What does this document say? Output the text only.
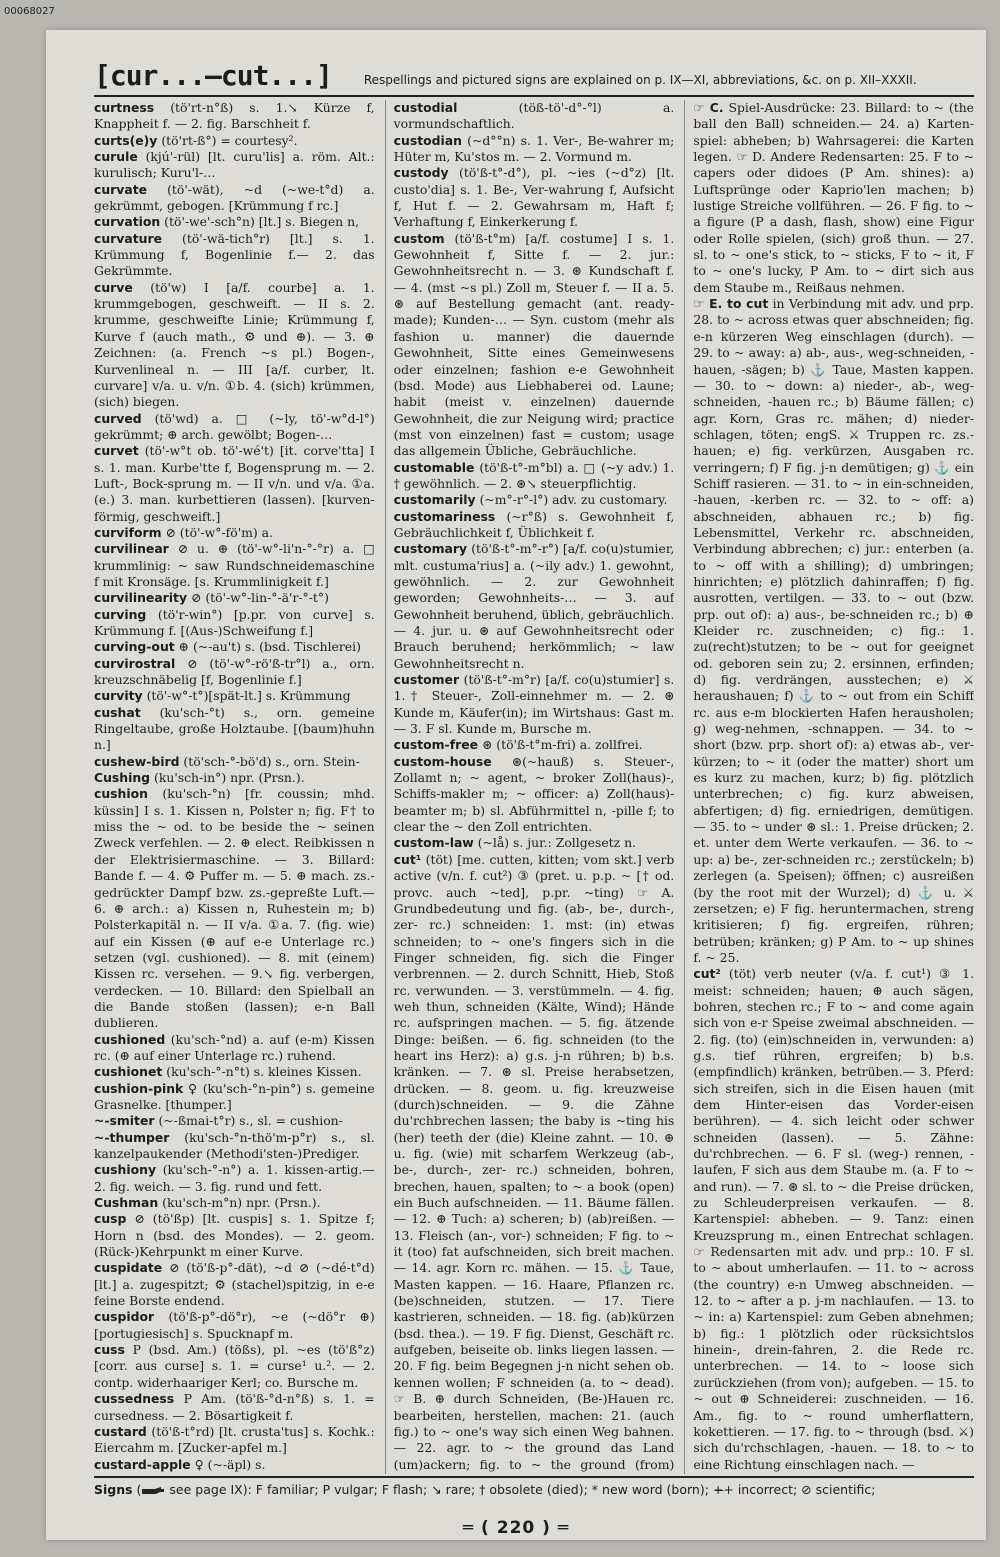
00068027
[cur...—cut...]	Respellings and pictured signs are explained on p. IX—XI, abbreviations, &c. on p. XII–XXXII.

curtness (tö'rt-n°ß) s. 1.↘ Kürze f, Knappheit f. — 2. fig. Barschheit f.

curts(e)y (tö'rt-ß°) = courtesy².

curule (kjú'-rül) [lt. curu'lis] a. röm. Alt.: kurulisch; Kuru'l-…

curvate (tö'-wät), ~d (~we-t°d) a. gekrümmt, gebogen. [Krümmung f rc.]

curvation (tö'-we'-sch°n) [lt.] s. Biegen n,

curvature (tö'-wä-tich°r) [lt.] s. 1. Krümmung f, Bogenlinie f.— 2. das Gekrümmte.

curve (tö'w) I [a/f. courbe] a. 1. krummgebogen, geschweift. — II s. 2. krumme, geschweifte Linie; Krümmung f, Kurve f (auch math., ⚙ und ⊕). — 3. ⊕ Zeichnen: (a. French ~s pl.) Bogen-, Kurvenlineal n. — III [a/f. curber, lt. curvare] v/a. u. v/n. ①b. 4. (sich) krümmen, (sich) biegen.

curved (tö'wd) a. □ (~ly, tö'-w°d-l°) gekrümmt; ⊕ arch. gewölbt; Bogen-…

curvet (tö'-w°t ob. tö'-wé't) [it. corve'tta] I s. 1. man. Kurbe'tte f, Bogensprung m. — 2. Luft-, Bock-sprung m. — II v/n. und v/a. ①a.(e.) 3. man. kurbettieren (lassen). [kurven-förmig, geschweift.]

curviform ⊘ (tö'-w°-fö'm) a.

curvilinear ⊘ u. ⊕ (tö'-w°-li'n-°-°r) a. □ krummlinig: ~ saw Rundschneidemaschine f mit Kronsäge. [s. Krummlinigkeit f.]

curvilinearity ⊘ (tö'-w°-lin-°-ä'r-°-t°)

curving (tö'r-win°) [p.pr. von curve] s. Krümmung f. [(Aus-)Schweifung f.]

curving-out ⊕ (~-au't) s. (bsd. Tischlerei)

curvirostral ⊘ (tö'-w°-rö'ß-tr°l) a., orn. kreuzschnäbelig [f, Bogenlinie f.]

curvity (tö'-w°-t°)[spät-lt.] s. Krümmung

cushat (ku'sch-°t) s., orn. gemeine Ringeltaube, große Holztaube. [(baum)huhn n.]

cushew-bird (tö'sch-°-bö'd) s., orn. Stein-

Cushing (ku'sch-in°) npr. (Prsn.).

cushion (ku'sch-°n) [fr. coussin; mhd. küssin] I s. 1. Kissen n, Polster n; fig. F† to miss the ~ od. to be beside the ~ seinen Zweck verfehlen. — 2. ⊕ elect. Reibkissen n der Elektrisiermaschine. — 3. Billard: Bande f. — 4. ⚙ Puffer m. — 5. ⊕ mach. zs.-gedrückter Dampf bzw. zs.-gepreßte Luft.— 6. ⊕ arch.: a) Kissen n, Ruhestein m; b) Polsterkapitäl n. — II v/a. ①a. 7. (fig. wie) auf ein Kissen (⊕ auf e-e Unterlage rc.) setzen (vgl. cushioned). — 8. mit (einem) Kissen rc. versehen. — 9.↘ fig. verbergen, verdecken. — 10. Billard: den Spielball an die Bande stoßen (lassen); e-n Ball dublieren.

cushioned (ku'sch-°nd) a. auf (e-m) Kissen rc. (⊕ auf einer Unterlage rc.) ruhend.

cushionet (ku'sch-°-n°t) s. kleines Kissen.

cushion-pink ♀ (ku'sch-°n-pin°) s. gemeine Grasnelke. [thumper.]

~-smiter (~-ßmai-t°r) s., sl. = cushion-

~-thumper (ku'sch-°n-thö'm-p°r) s., sl. kanzelpaukender (Methodi'sten-)Prediger.

cushiony (ku'sch-°-n°) a. 1. kissen-artig.— 2. fig. weich. — 3. fig. rund und fett.

Cushman (ku'sch-m°n) npr. (Prsn.).

cusp ⊘ (tö'ßp) [lt. cuspis] s. 1. Spitze f; Horn n (bsd. des Mondes). — 2. geom. (Rück-)Kehrpunkt m einer Kurve.

cuspidate ⊘ (tö'ß-p°-dät), ~d ⊘ (~dé-t°d) [lt.] a. zugespitzt; ⚙ (stachel)spitzig, in e-e feine Borste endend.

cuspidor (tö'ß-p°-dö°r), ~e (~dö°r ⊕) [portugiesisch] s. Spucknapf m.

cuss P (bsd. Am.) (tößs), pl. ~es (tö'ß°z) [corr. aus curse] s. 1. = curse¹ u.². — 2. contp. widerhaariger Kerl; co. Bursche m.

cussedness P Am. (tö'ß-°d-n°ß) s. 1. = cursedness. — 2. Bösartigkeit f.

custard (tö'ß-t°rd) [lt. crusta'tus] s. Kochk.: Eiercahm m. [Zucker-apfel m.]

custard-apple ♀ (~-äpl) s.

custodial	(töß-tö'-d°-°l) a. vormundschaftlich.

custodian (~d°°n) s. 1. Ver-, Be-wahrer m; Hüter m, Ku'stos m. — 2. Vormund m.

custody (tö'ß-t°-d°), pl. ~ies (~d°z) [lt. custo'dia] s. 1. Be-, Ver-wahrung f, Aufsicht f, Hut f. — 2. Gewahrsam m, Haft f; Verhaftung f, Einkerkerung f.

custom (tö'ß-t°m) [a/f. costume] I s. 1. Gewohnheit f, Sitte f. — 2. jur.: Gewohnheitsrecht n. — 3. ⊛ Kundschaft f. — 4. (mst ~s pl.) Zoll m, Steuer f. — II a. 5. ⊛ auf Bestellung gemacht (ant. ready-made); Kunden-… — Syn. custom (mehr als fashion u. manner) die dauernde Gewohnheit, Sitte eines Gemeinwesens oder einzelnen; fashion e-e Gewohnheit (bsd. Mode) aus Liebhaberei od. Laune; habit (meist v. einzelnen) dauernde Gewohnheit, die zur Neigung wird; practice (mst von einzelnen) fast = custom; usage das allgemein Übliche, Gebräuchliche.

customable (tö'ß-t°-m°bl) a. □ (~y adv.) 1. † gewöhnlich. — 2. ⊛↘ steuerpflichtig.

customarily (~m°-r°-l°) adv. zu customary.

customariness (~r°ß) s. Gewohnheit f, Gebräuchlichkeit f, Üblichkeit f.

customary (tö'ß-t°-m°-r°) [a/f. co(u)stumier, mlt. custuma'rius] a. (~ily adv.) 1. gewohnt, gewöhnlich. — 2. zur Gewohnheit geworden; Gewohnheits-… — 3. auf Gewohnheit beruhend, üblich, gebräuchlich. — 4. jur. u. ⊛ auf Gewohnheitsrecht oder Brauch beruhend; herkömmlich; ~ law Gewohnheitsrecht n.

customer (tö'ß-t°-m°r) [a/f. co(u)stumier] s. 1.† Steuer-, Zoll-einnehmer m. — 2. ⊛ Kunde m, Käufer(in); im Wirtshaus: Gast m. — 3. F sl. Kunde m, Bursche m.

custom-free ⊛ (tö'ß-t°m-fri) a. zollfrei.

custom-house ⊛(~hauß) s. Steuer-, Zollamt n; ~ agent, ~ broker Zoll(haus)-, Schiffs-makler m; ~ officer: a) Zoll(haus)-beamter m; b) sl. Abführmittel n, -pille f; to clear the ~ den Zoll entrichten.

custom-law (~lå) s. jur.: Zollgesetz n.

cut¹ (töt) [me. cutten, kitten; vom skt.] verb active (v/n. f. cut²) ③ (pret. u. p.p. ~ [† od. provc. auch ~ted], p.pr. ~ting) ☞ A. Grundbedeutung und fig. (ab-, be-, durch-, zer- rc.) schneiden: 1. mst: (in) etwas schneiden; to ~ one's fingers sich in die Finger schneiden, fig. sich die Finger verbrennen. — 2. durch Schnitt, Hieb, Stoß rc. verwunden. — 3. verstümmeln. — 4. fig. weh thun, schneiden (Kälte, Wind); Hände rc. aufspringen machen. — 5. fig. ätzende Dinge: beißen. — 6. fig. schneiden (to the heart ins Herz): a) g.s. j-n rühren; b) b.s. kränken. — 7. ⊛ sl. Preise herabsetzen, drücken. — 8. geom. u. fig. kreuzweise (durch)schneiden. — 9. die Zähne du'rchbrechen lassen; the baby is ~ting his (her) teeth der (die) Kleine zahnt. — 10. ⊕ u. fig. (wie) mit scharfem Werkzeug (ab-, be-, durch-, zer- rc.) schneiden, bohren, brechen, hauen, spalten; to ~ a book (open) ein Buch aufschneiden. — 11. Bäume fällen. — 12. ⊕ Tuch: a) scheren; b) (ab)reißen. — 13. Fleisch (an-, vor-) schneiden; F fig. to ~ it (too) fat aufschneiden, sich breit machen. — 14. agr. Korn rc. mähen. — 15. ⚓ Taue, Masten kappen. — 16. Haare, Pflanzen rc. (be)schneiden, stutzen. — 17. Tiere kastrieren, schneiden. — 18. fig. (ab)kürzen (bsd. thea.). — 19. F fig. Dienst, Geschäft rc. aufgeben, beiseite ob. links liegen lassen. — 20. F fig. beim Begegnen j-n nicht sehen ob. kennen wollen; F schneiden (a. to ~ dead). ☞ B. ⊕ durch Schneiden, (Be-)Hauen rc. bearbeiten, herstellen, machen: 21. (auch fig.) to ~ one's way sich einen Weg bahnen. — 22. agr. to ~ the ground das Land (um)ackern; fig. to ~ the ground (from)

☞ C. Spiel-Ausdrücke: 23. Billard: to ~ (the ball den Ball) schneiden.— 24. a) Karten-spiel: abheben; b) Wahrsagerei: die Karten legen. ☞ D. Andere Redensarten: 25. F to ~ capers oder didoes (P Am. shines): a) Luftsprünge oder Kaprio'len machen; b) lustige Streiche vollführen. — 26. F fig. to ~ a figure (P a dash, flash, show) eine Figur oder Rolle spielen, (sich) groß thun. — 27. sl. to ~ one's stick, to ~ sticks, F to ~ it, F to ~ one's lucky, P Am. to ~ dirt sich aus dem Staube m., Reißaus nehmen.

☞ E. to cut in Verbindung mit adv. und prp. 28. to ~ across etwas quer abschneiden; fig. e-n kürzeren Weg einschlagen (durch). — 29. to ~ away: a) ab-, aus-, weg-schneiden, -hauen, -sägen; b) ⚓ Taue, Masten kappen. — 30. to ~ down: a) nieder-, ab-, weg-schneiden, -hauen rc.; b) Bäume fällen; c) agr. Korn, Gras rc. mähen; d) nieder-schlagen, töten; engS. ⚔ Truppen rc. zs.-hauen; e) fig. verkürzen, Ausgaben rc. verringern; f) F fig. j-n demütigen; g) ⚓ ein Schiff rasieren. — 31. to ~ in ein-schneiden, -hauen, -kerben rc. — 32. to ~ off: a) abschneiden, abhauen rc.; b) fig. Lebensmittel, Verkehr rc. abschneiden, Verbindung abbrechen; c) jur.: enterben (a. to ~ off with a shilling); d) umbringen; hinrichten; e) plötzlich dahinraffen; f) fig. ausrotten, vertilgen. — 33. to ~ out (bzw. prp. out of): a) aus-, be-schneiden rc.; b) ⊕ Kleider rc. zuschneiden; c) fig.: 1. zu(recht)stutzen; to be ~ out for geeignet od. geboren sein zu; 2. ersinnen, erfinden; d) fig. verdrängen, ausstechen; e) ⚔ heraushauen; f) ⚓ to ~ out from ein Schiff rc. aus e-m blockierten Hafen herausholen; g) weg-nehmen, -schnappen. — 34. to ~ short (bzw. prp. short of): a) etwas ab-, ver-kürzen; to ~ it (oder the matter) short um es kurz zu machen, kurz; b) fig. plötzlich unterbrechen; c) fig. kurz abweisen, abfertigen; d) fig. erniedrigen, demütigen. — 35. to ~ under ⊛ sl.: 1. Preise drücken; 2. et. unter dem Werte verkaufen. — 36. to ~ up: a) be-, zer-schneiden rc.; zerstückeln; b) zerlegen (a. Speisen); öffnen; c) ausreißen (by the root mit der Wurzel); d) ⚓ u. ⚔ zersetzen; e) F fig. heruntermachen, streng kritisieren; f) fig. ergreifen, rühren; betrüben; kränken; g) P Am. to ~ up shines f. ~ 25.

cut² (töt) verb neuter (v/a. f. cut¹) ③ 1. meist: schneiden; hauen; ⊕ auch sägen, bohren, stechen rc.; F to ~ and come again sich von e-r Speise zweimal abschneiden. — 2. fig. (to) (ein)schneiden in, verwunden: a) g.s. tief rühren, ergreifen; b) b.s. (empfindlich) kränken, betrüben.— 3. Pferd: sich streifen, sich in die Eisen hauen (mit dem Hinter-eisen das Vorder-eisen berühren). — 4. sich leicht oder schwer schneiden (lassen). — 5. Zähne: du'rchbrechen. — 6. F sl. (weg-) rennen, -laufen, F sich aus dem Staube m. (a. F to ~ and run). — 7. ⊛ sl. to ~ die Preise drücken, zu Schleuderpreisen verkaufen. — 8. Kartenspiel: abheben. — 9. Tanz: einen Kreuzsprung m., einen Entrechat schlagen. ☞ Redensarten mit adv. und prp.: 10. F sl. to ~ about umherlaufen. — 11. to ~ across (the country) e-n Umweg abschneiden. — 12. to ~ after a p. j-m nachlaufen. — 13. to ~ in: a) Kartenspiel: zum Geben abnehmen; b) fig.: 1 plötzlich oder rücksichtslos hinein-, drein-fahren, 2. die Rede rc. unterbrechen. — 14. to ~ loose sich zurückziehen (from von); aufgeben. — 15. to ~ out ⊕ Schneiderei: zuschneiden. — 16. Am., fig. to ~ round umherflattern, kokettieren. — 17. fig. to ~ through (bsd. ⚔) sich du'rchschlagen, -hauen. — 18. to ~ to eine Richtung einschlagen nach. —

Signs ( see page IX): F familiar; P vulgar; F flash; ↘ rare; † obsolete (died); * new word (born); +̶+ incorrect; ⊘ scientific;
═ ( 220 ) ═
